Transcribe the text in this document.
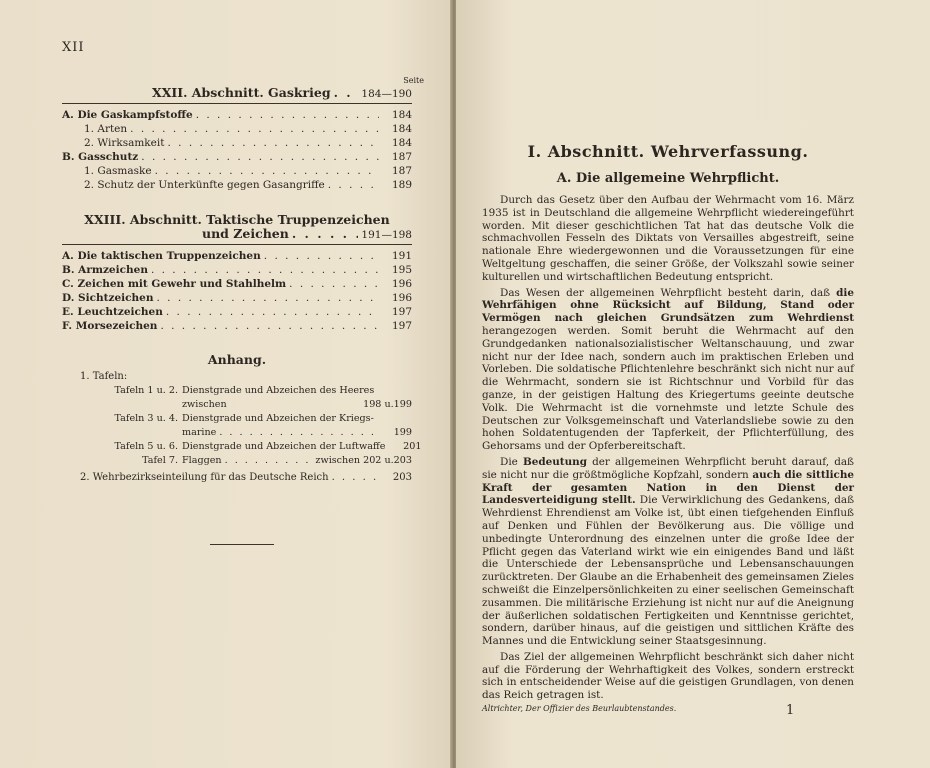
XII
Seite
XXII. Abschnitt. Gaskrieg . . .	184—190
A. Die Gaskampfstoffe . . .	184
1. Arten . . .	184
2. Wirksamkeit . . .	184
B. Gasschutz . . .	187
1. Gasmaske . . .	187
2. Schutz der Unterkünfte gegen Gasangriffe . . .	189
XXIII. Abschnitt. Taktische Truppenzeichen
und Zeichen . . .	191—198
A. Die taktischen Truppenzeichen . . .	191
B. Armzeichen . . .	195
C. Zeichen mit Gewehr und Stahlhelm . . .	196
D. Sichtzeichen . . .	196
E. Leuchtzeichen . . .	197
F. Morsezeichen . . .	197
Anhang.
1. Tafeln:
Tafeln 1 u. 2. Dienstgrade und Abzeichen des Heeres
zwischen	198 u.199
Tafeln 3 u. 4. Dienstgrade und Abzeichen der Kriegs-
marine . . .	199
Tafeln 5 u. 6. Dienstgrade und Abzeichen der Luftwaffe	201
Tafel 7. Flaggen . . .	zwischen 202 u.203
2. Wehrbezirkseinteilung für das Deutsche Reich . . .	203
I. Abschnitt. Wehrverfassung.
A. Die allgemeine Wehrpflicht.

Durch das Gesetz über den Aufbau der Wehrmacht vom 16. März 1935 ist in Deutschland die allgemeine Wehrpflicht wiedereingeführt worden. Mit dieser geschichtlichen Tat hat das deutsche Volk die schmachvollen Fesseln des Diktats von Versailles abgestreift, seine nationale Ehre wiedergewonnen und die Voraussetzungen für eine Weltgeltung geschaffen, die seiner Größe, der Volkszahl sowie seiner kulturellen und wirtschaftlichen Bedeutung entspricht.

Das Wesen der allgemeinen Wehrpflicht besteht darin, daß die Wehrfähigen ohne Rücksicht auf Bildung, Stand oder Vermögen nach gleichen Grundsätzen zum Wehrdienst herangezogen werden. Somit beruht die Wehrmacht auf den Grundgedanken nationalsozialistischer Weltanschauung, und zwar nicht nur der Idee nach, sondern auch im praktischen Erleben und Vorleben. Die soldatische Pflichtenlehre beschränkt sich nicht nur auf die Wehrmacht, sondern sie ist Richtschnur und Vorbild für das ganze, in der geistigen Haltung des Kriegertums geeinte deutsche Volk. Die Wehrmacht ist die vornehmste und letzte Schule des Deutschen zur Volksgemeinschaft und Vaterlandsliebe sowie zu den hohen Soldatentugenden der Tapferkeit, der Pflichterfüllung, des Gehorsams und der Opferbereitschaft.

Die Bedeutung der allgemeinen Wehrpflicht beruht darauf, daß sie nicht nur die größtmögliche Kopfzahl, sondern auch die sittliche Kraft der gesamten Nation in den Dienst der Landesverteidigung stellt. Die Verwirklichung des Gedankens, daß Wehrdienst Ehrendienst am Volke ist, übt einen tiefgehenden Einfluß auf Denken und Fühlen der Bevölkerung aus. Die völlige und unbedingte Unterordnung des einzelnen unter die große Idee der Pflicht gegen das Vaterland wirkt wie ein einigendes Band und läßt die Unterschiede der Lebensansprüche und Lebensanschauungen zurücktreten. Der Glaube an die Erhabenheit des gemeinsamen Zieles schweißt die Einzelpersönlichkeiten zu einer seelischen Gemeinschaft zusammen. Die militärische Erziehung ist nicht nur auf die Aneignung der äußerlichen soldatischen Fertigkeiten und Kenntnisse gerichtet, sondern, darüber hinaus, auf die geistigen und sittlichen Kräfte des Mannes und die Entwicklung seiner Staatsgesinnung.

Das Ziel der allgemeinen Wehrpflicht beschränkt sich daher nicht auf die Förderung der Wehrhaftigkeit des Volkes, sondern erstreckt sich in entscheidender Weise auf die geistigen Grundlagen, von denen das Reich getragen ist.

Altrichter, Der Offizier des Beurlaubtenstandes.	1
